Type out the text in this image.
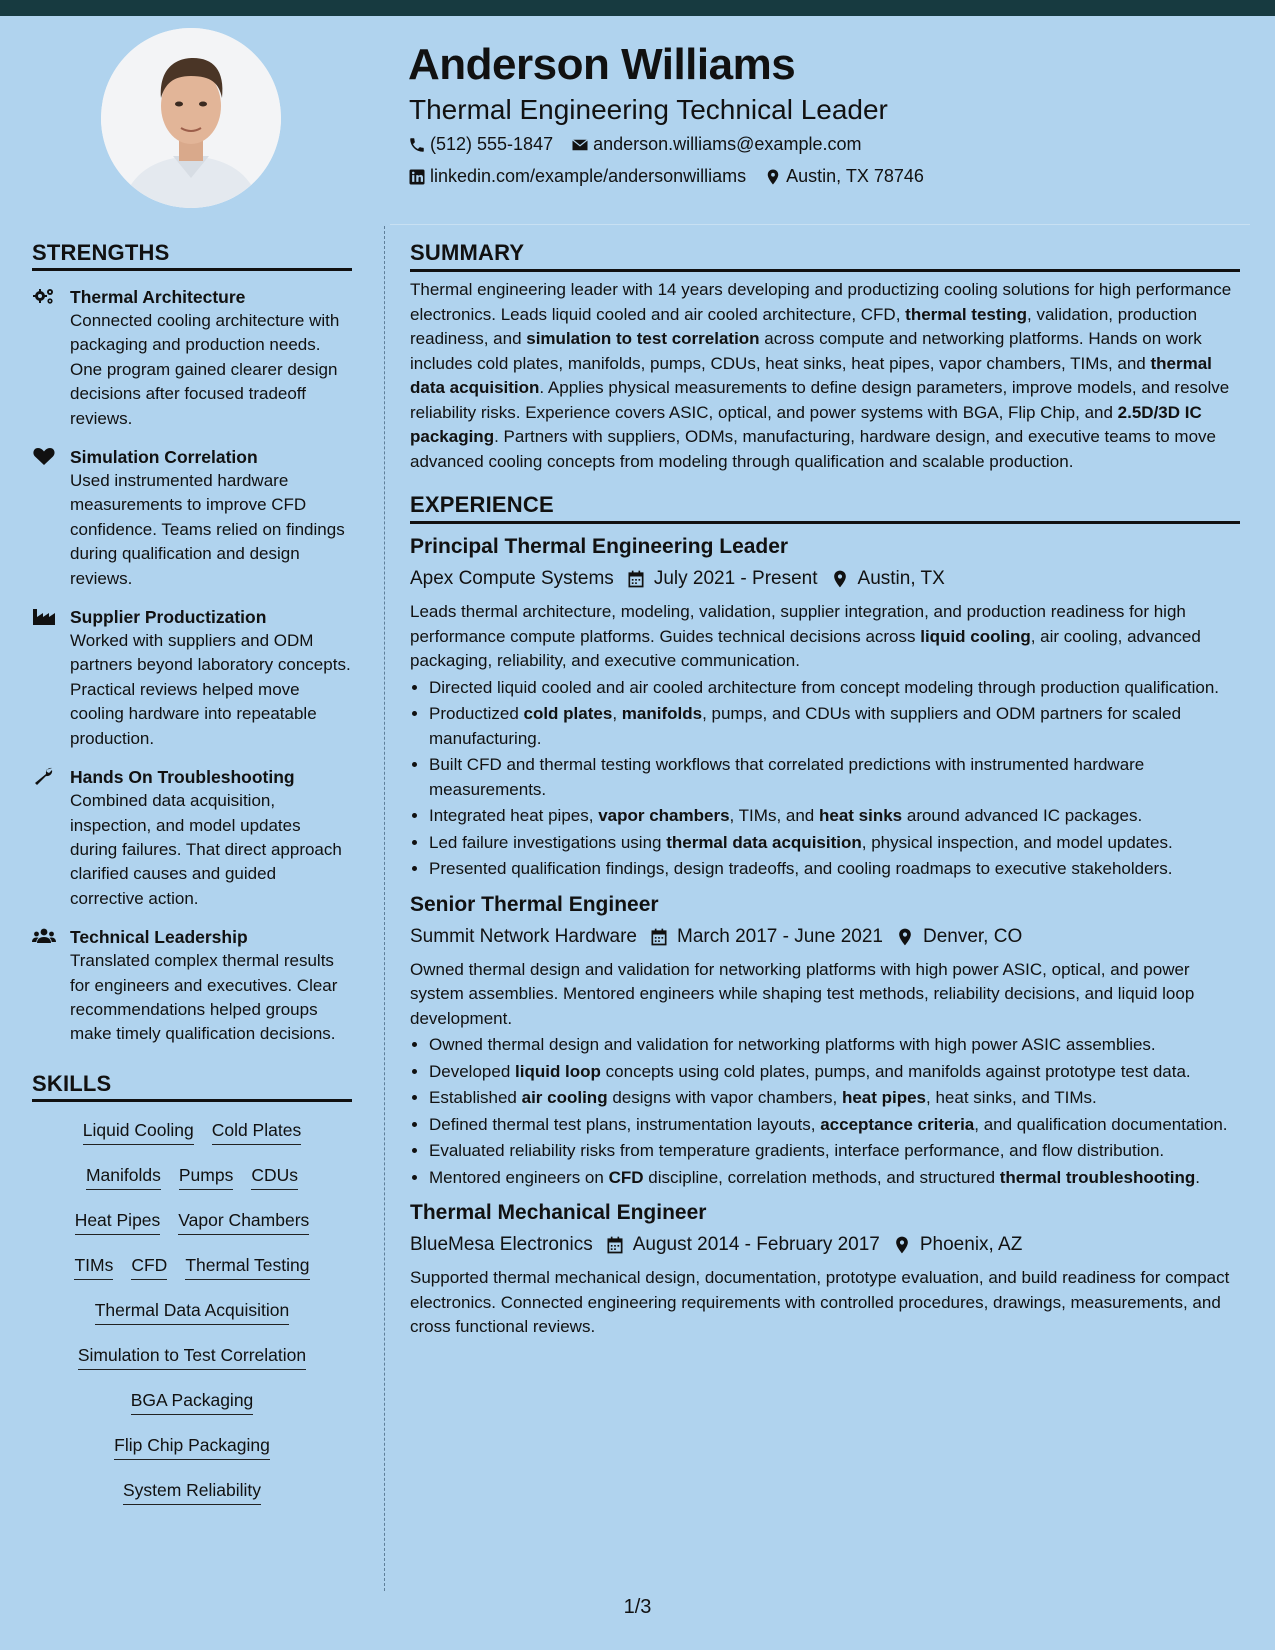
Anderson Williams
Thermal Engineering Technical Leader
(512) 555-1847 anderson.williams@example.com
linkedin.com/example/andersonwilliams Austin, TX 78746
STRENGTHS
Thermal Architecture

Connected cooling architecture with packaging and production needs. One program gained clearer design decisions after focused tradeoff reviews.

Simulation Correlation

Used instrumented hardware measurements to improve CFD confidence. Teams relied on findings during qualification and design reviews.

Supplier Productization

Worked with suppliers and ODM partners beyond laboratory concepts. Practical reviews helped move cooling hardware into repeatable production.

Hands On Troubleshooting

Combined data acquisition, inspection, and model updates during failures. That direct approach clarified causes and guided corrective action.

Technical Leadership

Translated complex thermal results for engineers and executives. Clear recommendations helped groups make timely qualification decisions.

SKILLS
Liquid Cooling Cold Plates
Manifolds Pumps CDUs
Heat Pipes Vapor Chambers
TIMs CFD Thermal Testing
Thermal Data Acquisition
Simulation to Test Correlation
BGA Packaging
Flip Chip Packaging
System Reliability
SUMMARY

Thermal engineering leader with 14 years developing and productizing cooling solutions for high performance electronics. Leads liquid cooled and air cooled architecture, CFD, thermal testing, validation, production readiness, and simulation to test correlation across compute and networking platforms. Hands on work includes cold plates, manifolds, pumps, CDUs, heat sinks, heat pipes, vapor chambers, TIMs, and thermal data acquisition. Applies physical measurements to define design parameters, improve models, and resolve reliability risks. Experience covers ASIC, optical, and power systems with BGA, Flip Chip, and 2.5D/3D IC packaging. Partners with suppliers, ODMs, manufacturing, hardware design, and executive teams to move advanced cooling concepts from modeling through qualification and scalable production.

EXPERIENCE
Principal Thermal Engineering Leader
Apex Compute Systems July 2021 - Present Austin, TX

Leads thermal architecture, modeling, validation, supplier integration, and production readiness for high performance compute platforms. Guides technical decisions across liquid cooling, air cooling, advanced packaging, reliability, and executive communication.

• Directed liquid cooled and air cooled architecture from concept modeling through production qualification.
• Productized cold plates, manifolds, pumps, and CDUs with suppliers and ODM partners for scaled manufacturing.
• Built CFD and thermal testing workflows that correlated predictions with instrumented hardware measurements.
• Integrated heat pipes, vapor chambers, TIMs, and heat sinks around advanced IC packages.
• Led failure investigations using thermal data acquisition, physical inspection, and model updates.
• Presented qualification findings, design tradeoffs, and cooling roadmaps to executive stakeholders.
Senior Thermal Engineer
Summit Network Hardware March 2017 - June 2021 Denver, CO

Owned thermal design and validation for networking platforms with high power ASIC, optical, and power system assemblies. Mentored engineers while shaping test methods, reliability decisions, and liquid loop development.

• Owned thermal design and validation for networking platforms with high power ASIC assemblies.
• Developed liquid loop concepts using cold plates, pumps, and manifolds against prototype test data.
• Established air cooling designs with vapor chambers, heat pipes, heat sinks, and TIMs.
• Defined thermal test plans, instrumentation layouts, acceptance criteria, and qualification documentation.
• Evaluated reliability risks from temperature gradients, interface performance, and flow distribution.
• Mentored engineers on CFD discipline, correlation methods, and structured thermal troubleshooting.
Thermal Mechanical Engineer
BlueMesa Electronics August 2014 - February 2017 Phoenix, AZ

Supported thermal mechanical design, documentation, prototype evaluation, and build readiness for compact electronics. Connected engineering requirements with controlled procedures, drawings, measurements, and cross functional reviews.

1/3
